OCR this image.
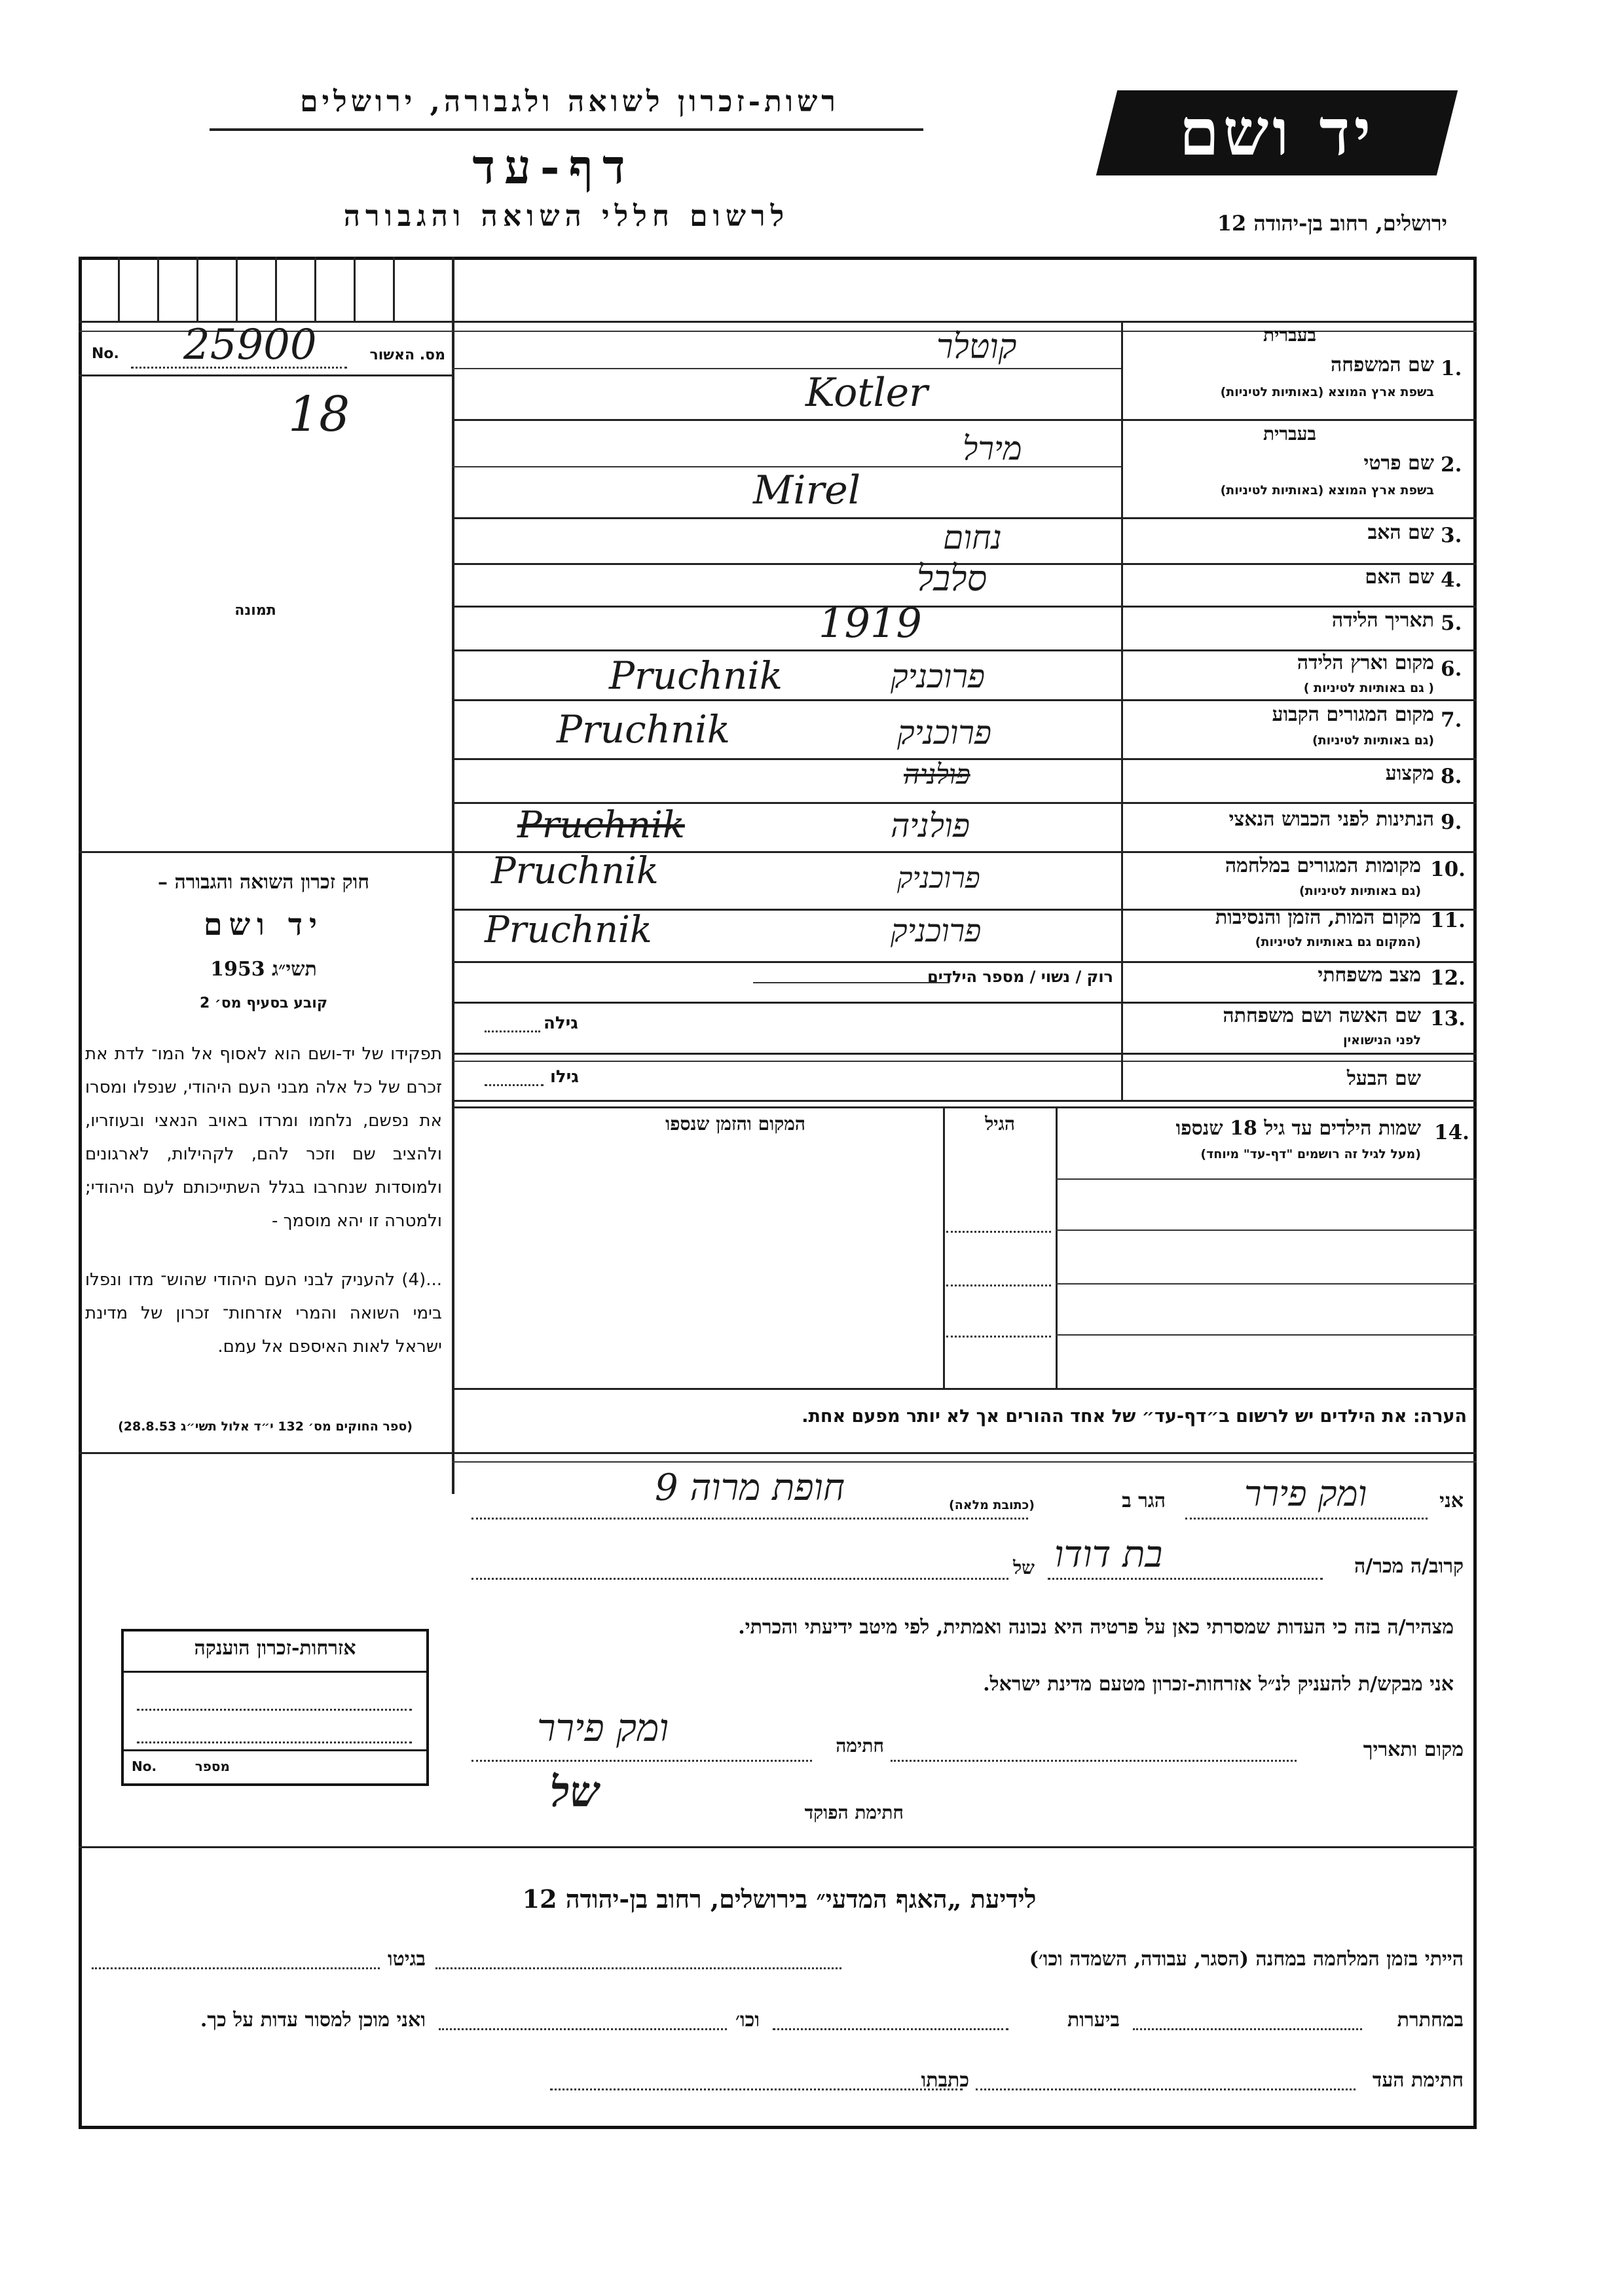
רשות-זכרון לשואה ולגבורה, ירושלים
דף-עד
לרשום חללי השואה והגבורה
יד ושם
ירושלים, רחוב בן-יהודה 12
No. 25900
18
מס. האשור
תמונה
חוק זכרון השואה והגבורה –
יד ושם
תשי״ג 1953
קובע בסעיף מס׳ 2
תפקידו של יד-ושם הוא לאסוף אל המו־ לדת את זכרם של כל אלה מבני העם היהודי, שנפלו ומסרו את נפשם, נלחמו ומרדו באויב הנאצי ובעוזריו, ולהציב שם וזכר להם, לקהילות, לארגונים ולמוסדות שנחרבו בגלל השתייכותם לעם היהודי; ולמטרה זו יהא מוסמך -
...(4) להעניק לבני העם היהודי שהוש־ מדו ונפלו בימי השואה והמרי אזרחות־ זכרון של מדינת ישראל לאות האיספם אל עמם.
(ספר החוקים מס׳ 132 י״ד אלול תשי״ג 28.8.53)
בעברית
1.
שם המשפחה
בשפת ארץ המוצא (באותיות לטיניות)
קוטלר
Kotler
בעברית
2.
שם פרטי
בשפת ארץ המוצא (באותיות לטיניות)
מירל
Mirel
3.
שם האב
נחום
4.
שם האם
סלבל
5.
תאריך הלידה
1919
6.
מקום וארץ הלידה
( גם באותיות לטיניות )
Pruchnik	פרוכניק
7.
מקום המגורים הקבוע
(גם באותיות לטיניות)
Pruchnik	פרוכניק
8.
מקצוע
פולניה
9.
הנתינות לפני הכבוש הנאצי
Pruchnik	פולניה
10.
מקומות המגורים במלחמה
(גם באותיות לטיניות)
Pruchnik	פרוכניק
11.
מקום המות, הזמן והנסיבות
(המקום גם באותיות לטיניות)
Pruchnik	פרוכניק
12.
מצב משפחתי
רוק / נשוי / מספר הילדים
13.
שם האשה ושם משפחתה
לפני הנישואין
גילה
שם הבעל
גילו
14.
שמות הילדים עד גיל 18 שנספו
(מעל לגיל זה רושמים "דף-עד" מיוחד)
הגיל
המקום והזמן שנספו
הערה: את הילדים יש לרשום ב״דף-עד״ של אחד ההורים אך לא יותר מפעם אחת.
אני
ומק פירר
הגר ב
(כתובת מלאה)
חופת מרוה 9
קרוב/ה מכר/ה
בת דודו
של
מצהיר/ה בזה כי העדות שמסרתי כאן על פרטיה היא נכונה ואמתית, לפי מיטב ידיעתי והכרתי.
אני מבקש/ת להעניק לנ״ל אזרחות-זכרון מטעם מדינת ישראל.
מקום ותאריך
חתימה
ומק פירר
של	חתימת הפוקד
אזרחות-זכרון הוענקה
מספר
No.
לידיעת „האגף המדעי״ בירושלים, רחוב בן-יהודה 12
הייתי בזמן המלחמה במחנה (הסגר, עבודה, השמדה וכו׳)
בגיטו
במחתרת
ביערות
וכו׳
ואני מוכן למסור עדות על כך.
חתימת העד
כתבתו
